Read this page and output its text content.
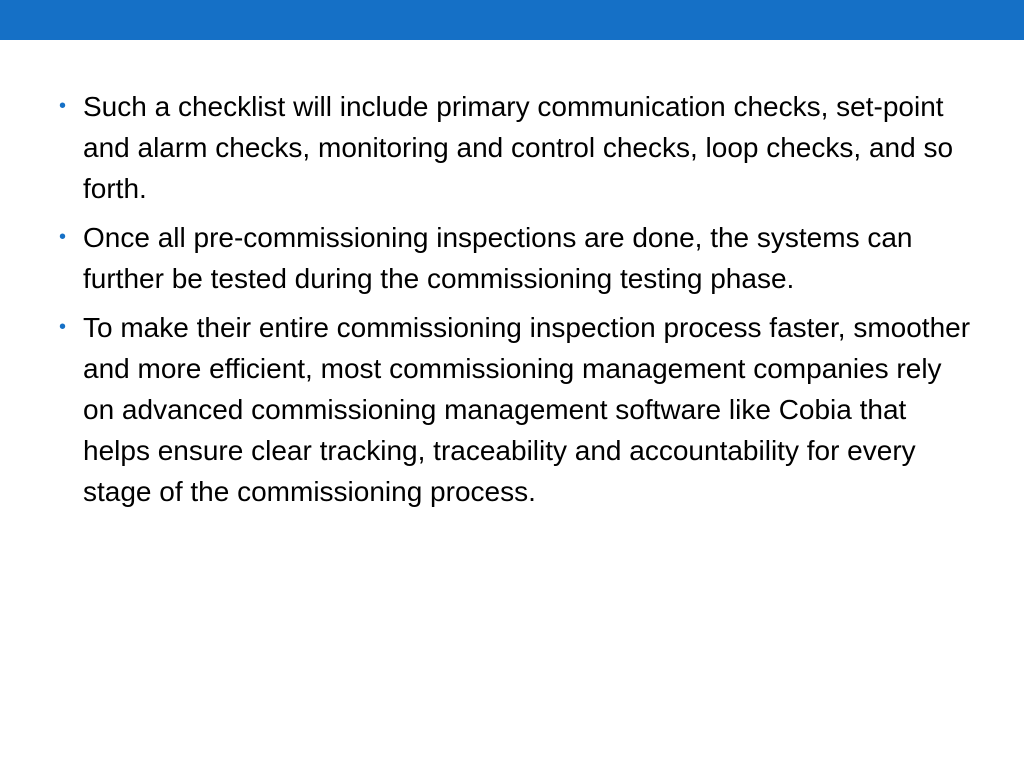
• Such a checklist will include primary communication checks, set-point and alarm checks, monitoring and control checks, loop checks, and so forth.
• Once all pre-commissioning inspections are done, the systems can further be tested during the commissioning testing phase.
• To make their entire commissioning inspection process faster, smoother and more efficient, most commissioning management companies rely on advanced commissioning management software like Cobia that helps ensure clear tracking, traceability and accountability for every stage of the commissioning process.
